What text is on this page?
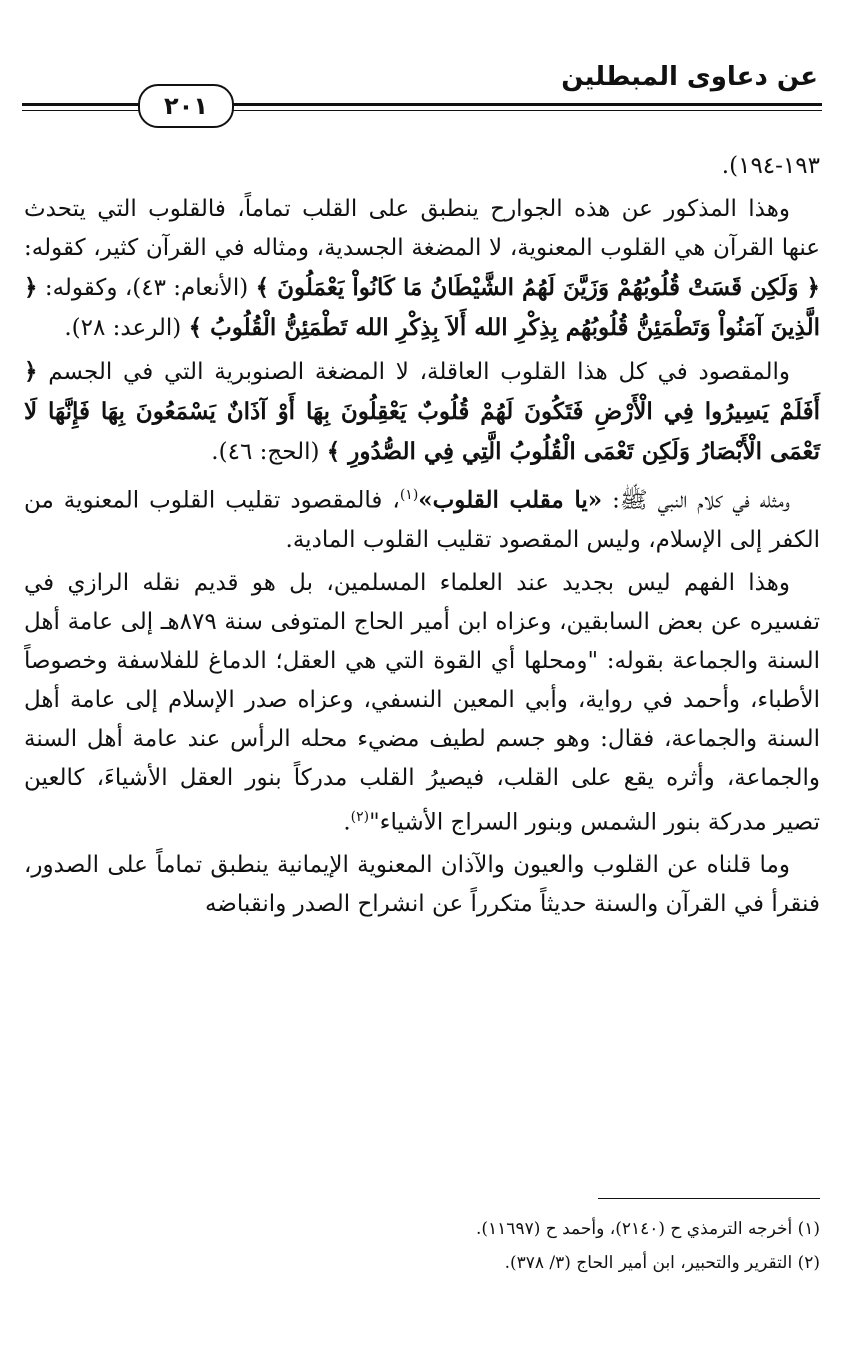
عن دعاوى المبطلين
٢٠١

١٩٣-١٩٤).

وهذا المذكور عن هذه الجوارح ينطبق على القلب تماماً، فالقلوب التي يتحدث عنها القرآن هي القلوب المعنوية، لا المضغة الجسدية، ومثاله في القرآن كثير، كقوله: ﴿ وَلَكِن قَسَتْ قُلُوبُهُمْ وَزَيَّنَ لَهُمُ الشَّيْطَانُ مَا كَانُواْ يَعْمَلُونَ ﴾ (الأنعام: ٤٣)، وكقوله: ﴿ الَّذِينَ آمَنُواْ وَتَطْمَئِنُّ قُلُوبُهُم بِذِكْرِ الله أَلاَ بِذِكْرِ الله تَطْمَئِنُّ الْقُلُوبُ ﴾ (الرعد: ٢٨).

والمقصود في كل هذا القلوب العاقلة، لا المضغة الصنوبرية التي في الجسم ﴿ أَفَلَمْ يَسِيرُوا فِي الْأَرْضِ فَتَكُونَ لَهُمْ قُلُوبٌ يَعْقِلُونَ بِهَا أَوْ آذَانٌ يَسْمَعُونَ بِهَا فَإِنَّهَا لَا تَعْمَى الْأَبْصَارُ وَلَكِن تَعْمَى الْقُلُوبُ الَّتِي فِي الصُّدُورِ ﴾ (الحج: ٤٦).

ومثله في كلام النبي ﷺ: «يا مقلب القلوب»$^{(١)}$، فالمقصود تقليب القلوب المعنوية من الكفر إلى الإسلام، وليس المقصود تقليب القلوب المادية.

وهذا الفهم ليس بجديد عند العلماء المسلمين، بل هو قديم نقله الرازي في تفسيره عن بعض السابقين، وعزاه ابن أمير الحاج المتوفى سنة ٨٧٩هـ إلى عامة أهل السنة والجماعة بقوله: "ومحلها أي القوة التي هي العقل؛ الدماغ للفلاسفة وخصوصاً الأطباء، وأحمد في رواية، وأبي المعين النسفي، وعزاه صدر الإسلام إلى عامة أهل السنة والجماعة، فقال: وهو جسم لطيف مضيء محله الرأس عند عامة أهل السنة والجماعة، وأثره يقع على القلب، فيصيرُ القلب مدركاً بنور العقل الأشياءَ، كالعين تصير مدركة بنور الشمس وبنور السراج الأشياء"$^{(٢)}$.

وما قلناه عن القلوب والعيون والآذان المعنوية الإيمانية ينطبق تماماً على الصدور، فنقرأ في القرآن والسنة حديثاً متكرراً عن انشراح الصدر وانقباضه

(١) أخرجه الترمذي ح (٢١٤٠)، وأحمد ح (١١٦٩٧).

(٢) التقرير والتحبير، ابن أمير الحاج (٣/ ٣٧٨).
